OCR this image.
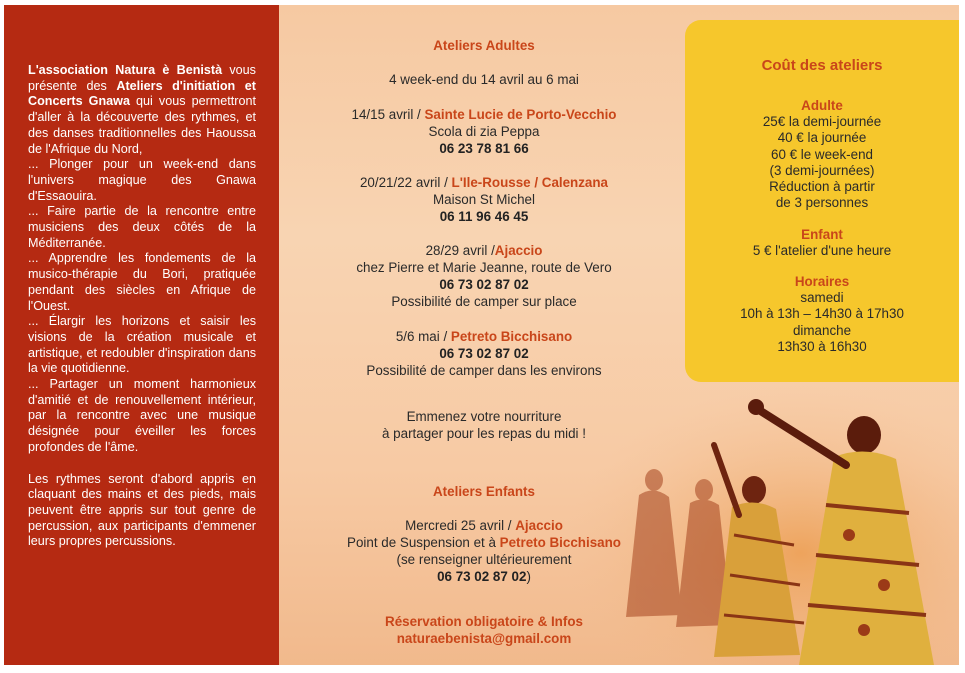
L'association Natura è Benistà vous présente des Ateliers d'initiation et Concerts Gnawa qui vous permettront d'aller à la découverte des rythmes, et des danses traditionnelles des Haoussa de l'Afrique du Nord,

... Plonger pour un week-end dans l'univers magique des Gnawa d'Essaouira.

... Faire partie de la rencontre entre musiciens des deux côtés de la Méditerranée.

... Apprendre les fondements de la musico-thérapie du Bori, pratiquée pendant des siècles en Afrique de l'Ouest.

... Élargir les horizons et saisir les visions de la création musicale et artistique, et redoubler d'inspiration dans la vie quotidienne.

... Partager un moment harmonieux d'amitié et de renouvellement intérieur, par la rencontre avec une musique désignée pour éveiller les forces profondes de l'âme.

Les rythmes seront d'abord appris en claquant des mains et des pieds, mais peuvent être appris sur tout genre de percussion, aux participants d'emmener leurs propres percussions.

Ateliers Adultes
4 week-end du 14 avril au 6 mai
14/15 avril / Sainte Lucie de Porto-Vecchio
Scola di zia Peppa
06 23 78 81 66
20/21/22 avril / L'Ile-Rousse / Calenzana
Maison St Michel
06 11 96 46 45
28/29 avril /Ajaccio
chez Pierre et Marie Jeanne, route de Vero
06 73 02 87 02
Possibilité de camper sur place
5/6 mai / Petreto Bicchisano
06 73 02 87 02
Possibilité de camper dans les environs
Emmenez votre nourriture
à partager pour les repas du midi !
Ateliers Enfants
Mercredi 25 avril / Ajaccio
Point de Suspension et à Petreto Bicchisano
(se renseigner ultérieurement
06 73 02 87 02)
Réservation obligatoire & Infos
naturaebenista@gmail.com
Coût des ateliers
Adulte
25€ la demi-journée
40 € la journée
60 € le week-end
(3 demi-journées)
Réduction à partir
de 3 personnes
Enfant
5 € l'atelier d'une heure
Horaires
samedi
10h à 13h – 14h30 à 17h30
dimanche
13h30 à 16h30
